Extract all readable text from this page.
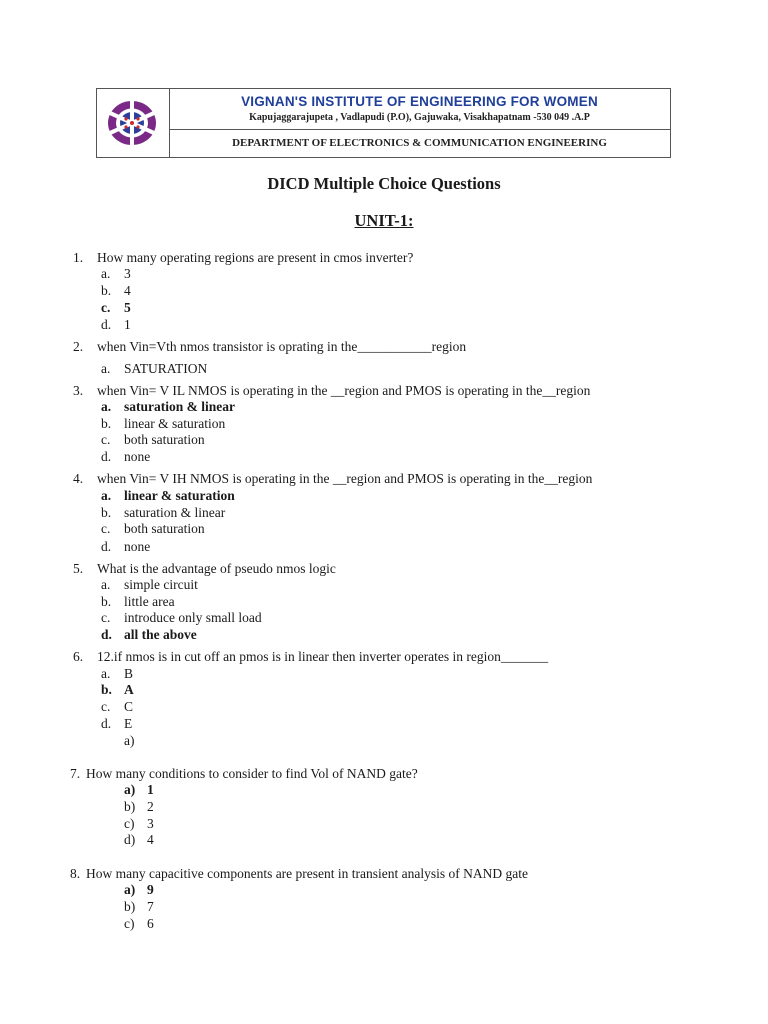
VIGNAN'S INSTITUTE OF ENGINEERING FOR WOMEN
Kapujaggarajupeta , Vadlapudi (P.O), Gajuwaka, Visakhapatnam -530 049 .A.P
DEPARTMENT OF ELECTRONICS & COMMUNICATION ENGINEERING
DICD Multiple Choice Questions
UNIT-1:
1. How many operating regions are present in cmos inverter?
a. 3
b. 4
c. 5
d. 1
2. when Vin=Vth nmos transistor is oprating in the___________region
a. SATURATION
3. when Vin= V IL NMOS is operating in the __region and PMOS is operating in the__region
a. saturation & linear
b. linear & saturation
c. both saturation
d. none
4. when Vin= V IH NMOS is operating in the __region and PMOS is operating in the__region
a. linear & saturation
b. saturation & linear
c. both saturation
d. none
5. What is the advantage of pseudo nmos logic
a. simple circuit
b. little area
c. introduce only small load
d. all the above
6. 12.if nmos is in cut off an pmos is in linear then inverter operates in region_______
a. B
b. A
c. C
d. E
a)
7. How many conditions to consider to find Vol of NAND gate?
a) 1
b) 2
c) 3
d) 4
8. How many capacitive components are present in transient analysis of NAND gate
a) 9
b) 7
c) 6
